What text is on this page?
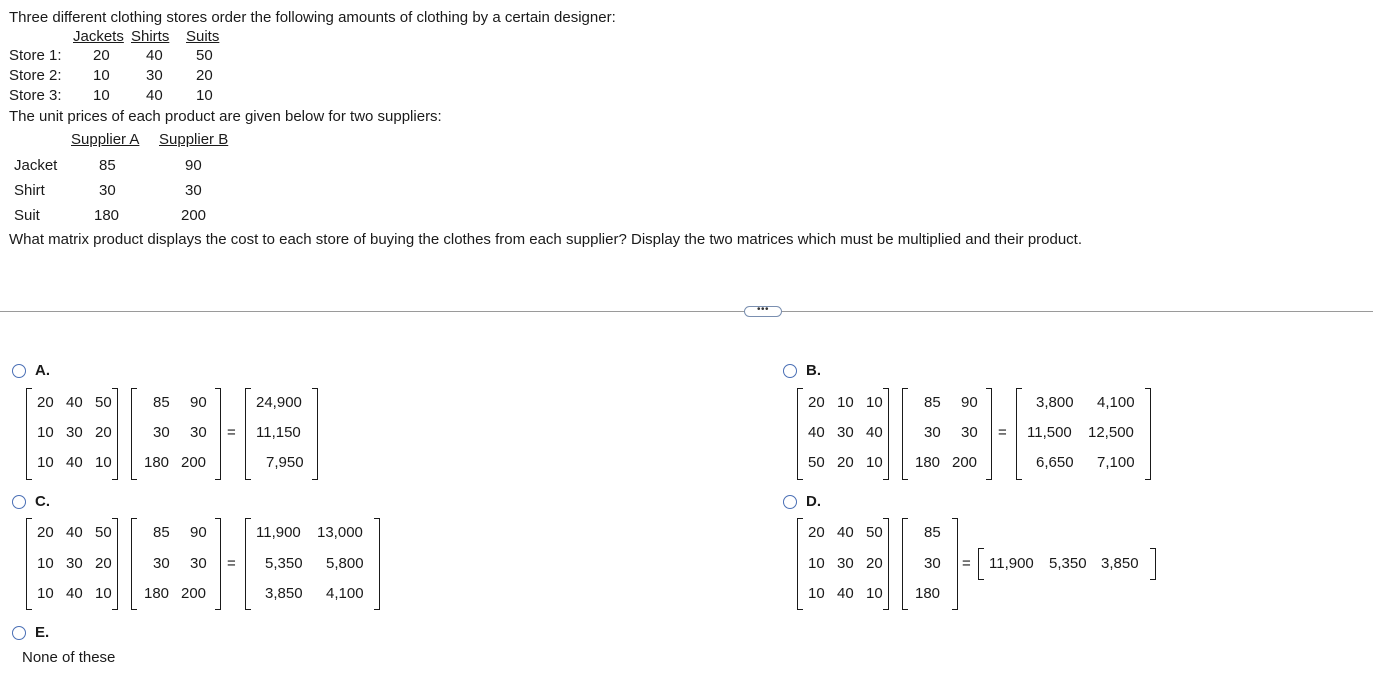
Three different clothing stores order the following amounts of clothing by a certain designer:
Jackets Shirts Suits
Store 1: 20 40 50
Store 2: 10 30 20
Store 3: 10 40 10
The unit prices of each product are given below for two suppliers:
Supplier A Supplier B
Jacket	85	90
Shirt	30	30
Suit	180	200
What matrix product displays the cost to each store of buying the clothes from each supplier? Display the two matrices which must be multiplied and their product.
•••
A.
20 40 50
10 30 20
10 40 10
85 90
30 30
180 200
=
24,900
11,150
7,950
B.
20 10 10
40 30 40
50 20 10
85 90
30 30
180 200
=
3,800 4,100
11,500 12,500
6,650 7,100
C.
20 40 50
10 30 20
10 40 10
85 90
30 30
180 200
=
11,900 13,000
5,350 5,800
3,850 4,100
D.
20 40 50
10 30 20
10 40 10
85
30
180
= 11,900 5,350 3,850
E.
None of these
